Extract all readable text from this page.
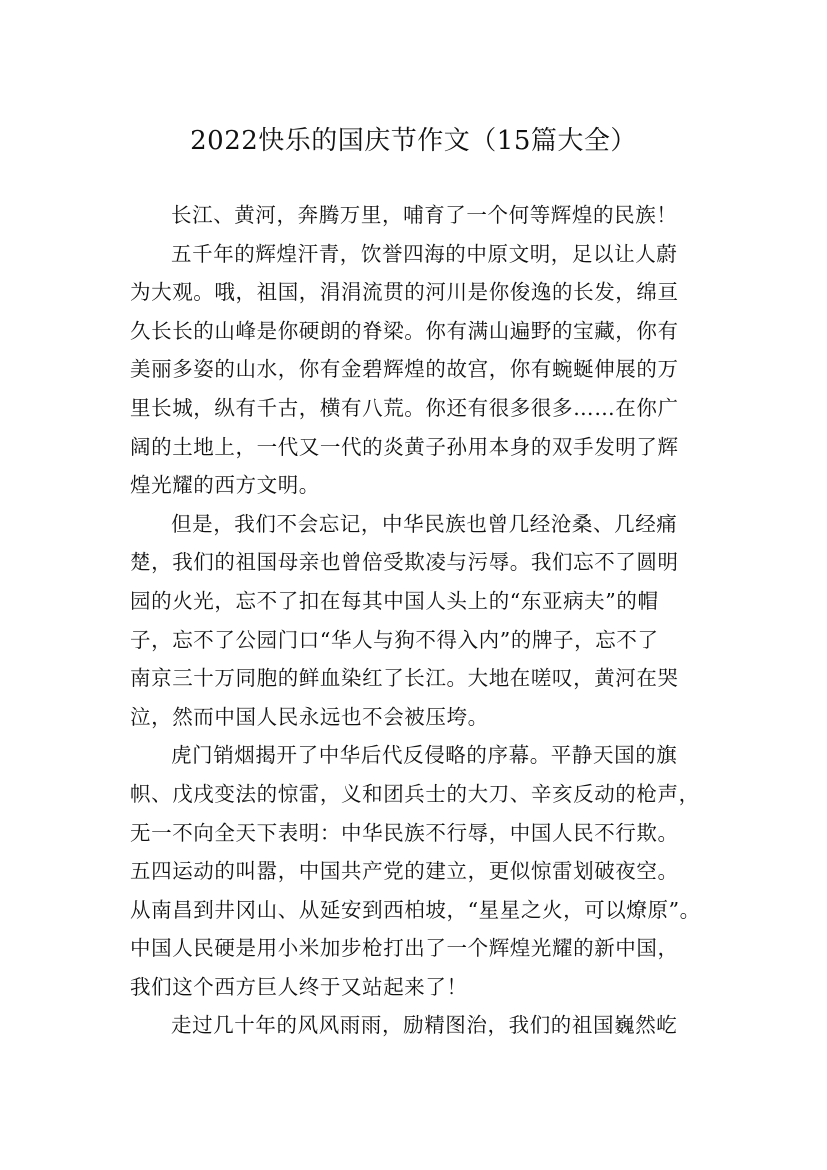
2022快乐的国庆节作文（15篇大全）
长江、黄河，奔腾万里，哺育了一个何等辉煌的民族！
五千年的辉煌汗青，饮誉四海的中原文明，足以让人蔚
为大观。哦，祖国，涓涓流贯的河川是你俊逸的长发，绵亘
久长长的山峰是你硬朗的脊梁。你有满山遍野的宝藏，你有
美丽多姿的山水，你有金碧辉煌的故宫，你有蜿蜒伸展的万
里长城，纵有千古，横有八荒。你还有很多很多……在你广
阔的土地上，一代又一代的炎黄子孙用本身的双手发明了辉
煌光耀的西方文明。
但是，我们不会忘记，中华民族也曾几经沧桑、几经痛
楚，我们的祖国母亲也曾倍受欺凌与污辱。我们忘不了圆明
园的火光，忘不了扣在每其中国人头上的“东亚病夫”的帽
子，忘不了公园门口“华人与狗不得入内”的牌子，忘不了
南京三十万同胞的鲜血染红了长江。大地在嗟叹，黄河在哭
泣，然而中国人民永远也不会被压垮。
虎门销烟揭开了中华后代反侵略的序幕。平静天国的旗
帜、戊戌变法的惊雷，义和团兵士的大刀、辛亥反动的枪声，
无一不向全天下表明：中华民族不行辱，中国人民不行欺。
五四运动的叫嚣，中国共产党的建立，更似惊雷划破夜空。
从南昌到井冈山、从延安到西柏坡，“星星之火，可以燎原”。
中国人民硬是用小米加步枪打出了一个辉煌光耀的新中国，
我们这个西方巨人终于又站起来了！
走过几十年的风风雨雨，励精图治，我们的祖国巍然屹
